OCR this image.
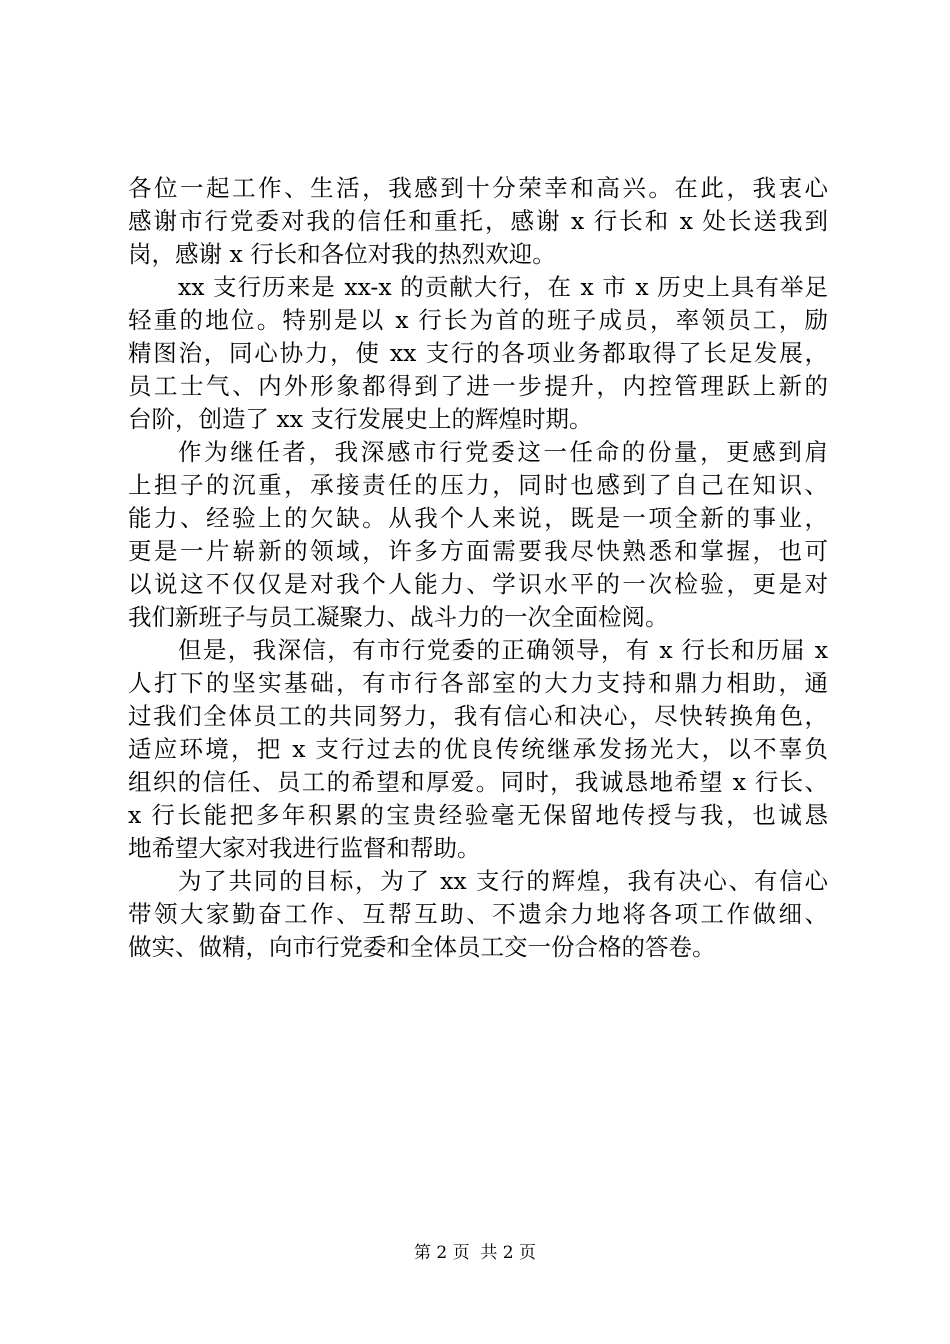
各位一起工作、生活，我感到十分荣幸和高兴。在此，我衷心
感谢市行党委对我的信任和重托，感谢 x 行长和 x 处长送我到
岗，感谢 x 行长和各位对我的热烈欢迎。
xx 支行历来是 xx-x 的贡献大行，在 x 市 x 历史上具有举足
轻重的地位。特别是以 x 行长为首的班子成员，率领员工，励
精图治，同心协力，使 xx 支行的各项业务都取得了长足发展，
员工士气、内外形象都得到了进一步提升，内控管理跃上新的
台阶，创造了 xx 支行发展史上的辉煌时期。
作为继任者，我深感市行党委这一任命的份量，更感到肩
上担子的沉重，承接责任的压力，同时也感到了自己在知识、
能力、经验上的欠缺。从我个人来说，既是一项全新的事业，
更是一片崭新的领域，许多方面需要我尽快熟悉和掌握，也可
以说这不仅仅是对我个人能力、学识水平的一次检验，更是对
我们新班子与员工凝聚力、战斗力的一次全面检阅。
但是，我深信，有市行党委的正确领导，有 x 行长和历届 x
人打下的坚实基础，有市行各部室的大力支持和鼎力相助，通
过我们全体员工的共同努力，我有信心和决心，尽快转换角色，
适应环境，把 x 支行过去的优良传统继承发扬光大，以不辜负
组织的信任、员工的希望和厚爱。同时，我诚恳地希望 x 行长、
x 行长能把多年积累的宝贵经验毫无保留地传授与我，也诚恳
地希望大家对我进行监督和帮助。
为了共同的目标，为了 xx 支行的辉煌，我有决心、有信心
带领大家勤奋工作、互帮互助、不遗余力地将各项工作做细、
做实、做精，向市行党委和全体员工交一份合格的答卷。
第 2 页  共 2 页
